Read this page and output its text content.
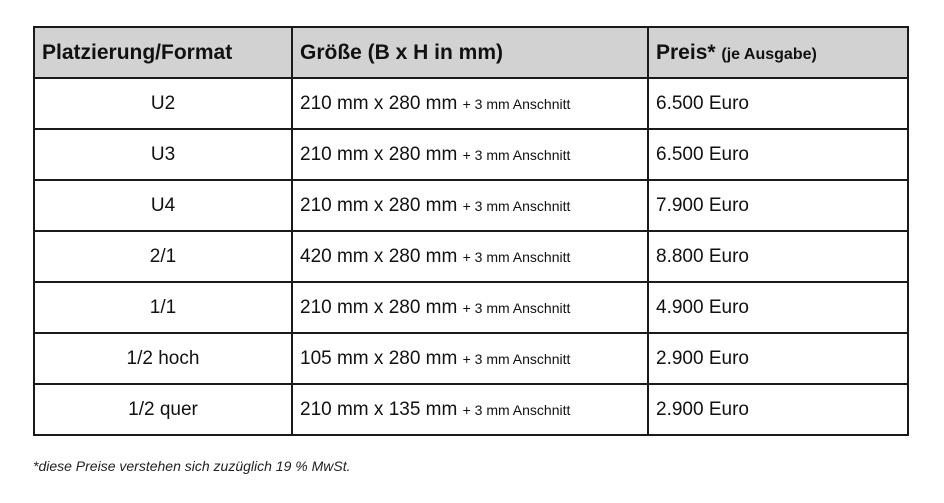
Platzierung/Format	Größe (B x H in mm)	Preis* (je Ausgabe)
U2	210 mm x 280 mm + 3 mm Anschnitt	6.500 Euro
U3	210 mm x 280 mm + 3 mm Anschnitt	6.500 Euro
U4	210 mm x 280 mm + 3 mm Anschnitt	7.900 Euro
2/1	420 mm x 280 mm + 3 mm Anschnitt	8.800 Euro
1/1	210 mm x 280 mm + 3 mm Anschnitt	4.900 Euro
1/2 hoch	105 mm x 280 mm + 3 mm Anschnitt	2.900 Euro
1/2 quer	210 mm x 135 mm + 3 mm Anschnitt	2.900 Euro
*diese Preise verstehen sich zuzüglich 19 % MwSt.
